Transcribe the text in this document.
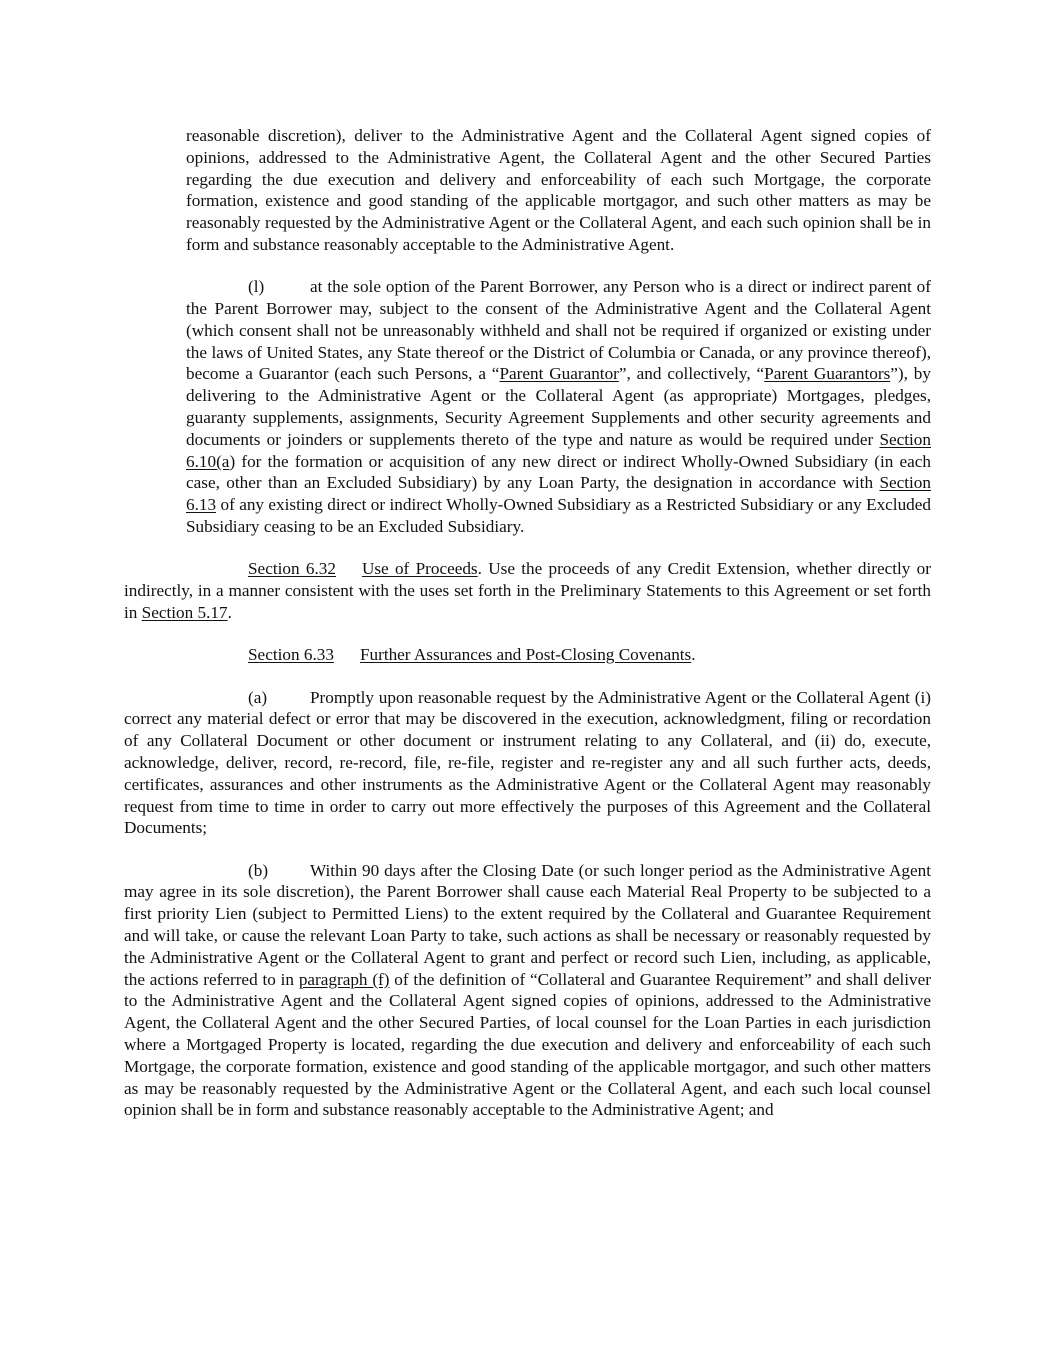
reasonable discretion), deliver to the Administrative Agent and the Collateral Agent signed copies of opinions, addressed to the Administrative Agent, the Collateral Agent and the other Secured Parties regarding the due execution and delivery and enforceability of each such Mortgage, the corporate formation, existence and good standing of the applicable mortgagor, and such other matters as may be reasonably requested by the Administrative Agent or the Collateral Agent, and each such opinion shall be in form and substance reasonably acceptable to the Administrative Agent.

(l)	at the sole option of the Parent Borrower, any Person who is a direct or indirect parent of the Parent Borrower may, subject to the consent of the Administrative Agent and the Collateral Agent (which consent shall not be unreasonably withheld and shall not be required if organized or existing under the laws of United States, any State thereof or the District of Columbia or Canada, or any province thereof), become a Guarantor (each such Persons, a “Parent Guarantor”, and collectively, “Parent Guarantors”), by delivering to the Administrative Agent or the Collateral Agent (as appropriate) Mortgages, pledges, guaranty supplements, assignments, Security Agreement Supplements and other security agreements and documents or joinders or supplements thereto of the type and nature as would be required under Section 6.10(a) for the formation or acquisition of any new direct or indirect Wholly-Owned Subsidiary (in each case, other than an Excluded Subsidiary) by any Loan Party, the designation in accordance with Section 6.13 of any existing direct or indirect Wholly-Owned Subsidiary as a Restricted Subsidiary or any Excluded Subsidiary ceasing to be an Excluded Subsidiary.

Section 6.32 Use of Proceeds. Use the proceeds of any Credit Extension, whether directly or indirectly, in a manner consistent with the uses set forth in the Preliminary Statements to this Agreement or set forth in Section 5.17.

Section 6.33 Further Assurances and Post-Closing Covenants.

(a) Promptly upon reasonable request by the Administrative Agent or the Collateral Agent (i) correct any material defect or error that may be discovered in the execution, acknowledgment, filing or recordation of any Collateral Document or other document or instrument relating to any Collateral, and (ii) do, execute, acknowledge, deliver, record, re-record, file, re-file, register and re-register any and all such further acts, deeds, certificates, assurances and other instruments as the Administrative Agent or the Collateral Agent may reasonably request from time to time in order to carry out more effectively the purposes of this Agreement and the Collateral Documents;

(b) Within 90 days after the Closing Date (or such longer period as the Administrative Agent may agree in its sole discretion), the Parent Borrower shall cause each Material Real Property to be subjected to a first priority Lien (subject to Permitted Liens) to the extent required by the Collateral and Guarantee Requirement and will take, or cause the relevant Loan Party to take, such actions as shall be necessary or reasonably requested by the Administrative Agent or the Collateral Agent to grant and perfect or record such Lien, including, as applicable, the actions referred to in paragraph (f) of the definition of “Collateral and Guarantee Requirement” and shall deliver to the Administrative Agent and the Collateral Agent signed copies of opinions, addressed to the Administrative Agent, the Collateral Agent and the other Secured Parties, of local counsel for the Loan Parties in each jurisdiction where a Mortgaged Property is located, regarding the due execution and delivery and enforceability of each such Mortgage, the corporate formation, existence and good standing of the applicable mortgagor, and such other matters as may be reasonably requested by the Administrative Agent or the Collateral Agent, and each such local counsel opinion shall be in form and substance reasonably acceptable to the Administrative Agent; and
